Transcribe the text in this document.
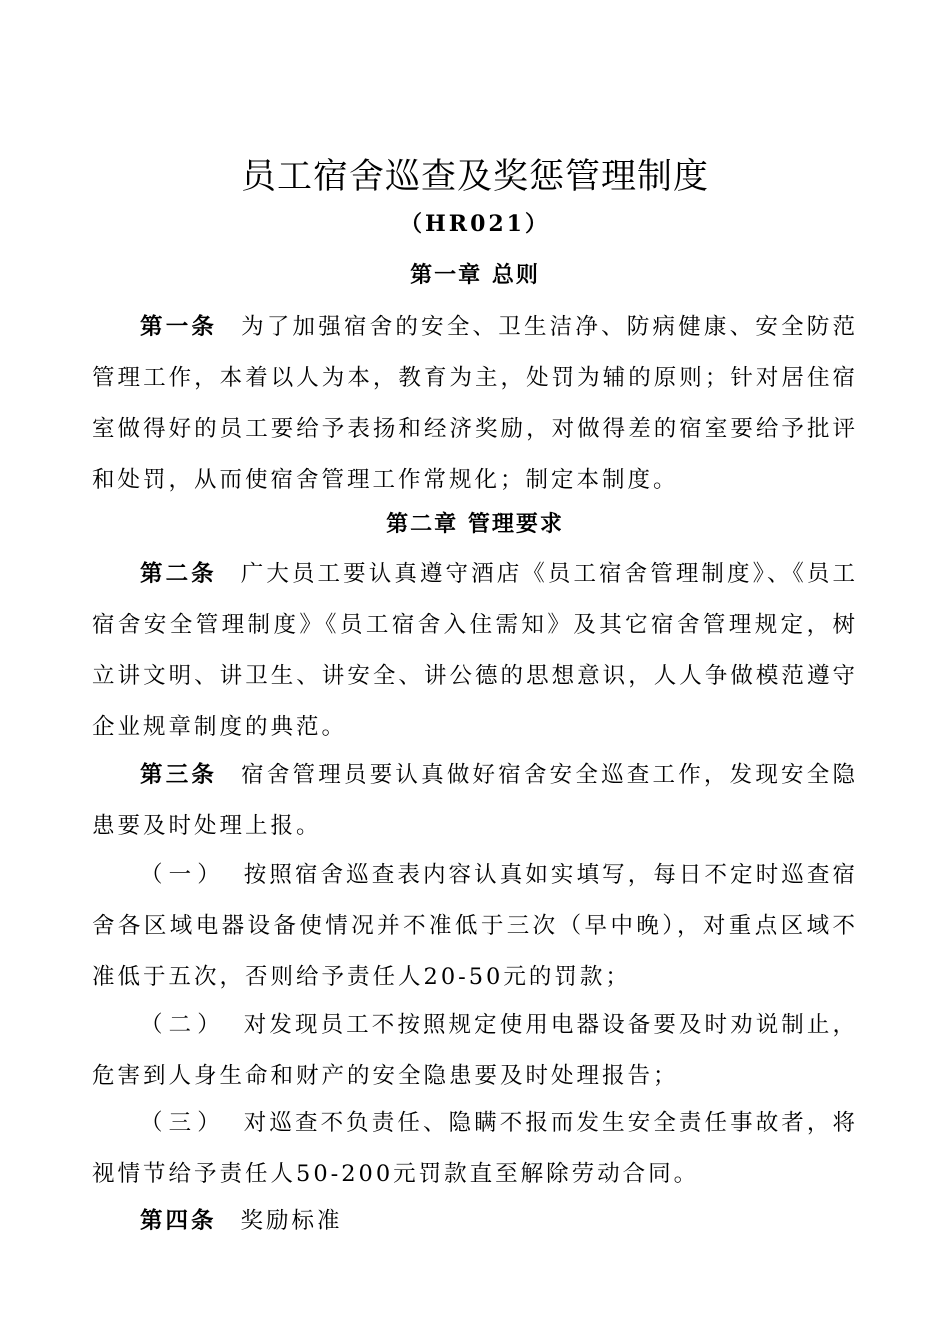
员工宿舍巡查及奖惩管理制度
（HR021）
第一章 总则
第一条 为了加强宿舍的安全、卫生洁净、防病健康、安全防范管理工作，本着以人为本，教育为主，处罚为辅的原则；针对居住宿室做得好的员工要给予表扬和经济奖励，对做得差的宿室要给予批评和处罚，从而使宿舍管理工作常规化；制定本制度。
第二章 管理要求
第二条 广大员工要认真遵守酒店《员工宿舍管理制度》、《员工宿舍安全管理制度》《员工宿舍入住需知》及其它宿舍管理规定，树立讲文明、讲卫生、讲安全、讲公德的思想意识，人人争做模范遵守企业规章制度的典范。
第三条 宿舍管理员要认真做好宿舍安全巡查工作，发现安全隐患要及时处理上报。
（一） 按照宿舍巡查表内容认真如实填写，每日不定时巡查宿舍各区域电器设备使情况并不准低于三次（早中晚），对重点区域不准低于五次，否则给予责任人20-50元的罚款；
（二） 对发现员工不按照规定使用电器设备要及时劝说制止，危害到人身生命和财产的安全隐患要及时处理报告；
（三） 对巡查不负责任、隐瞒不报而发生安全责任事故者，将视情节给予责任人50-200元罚款直至解除劳动合同。
第四条 奖励标准
